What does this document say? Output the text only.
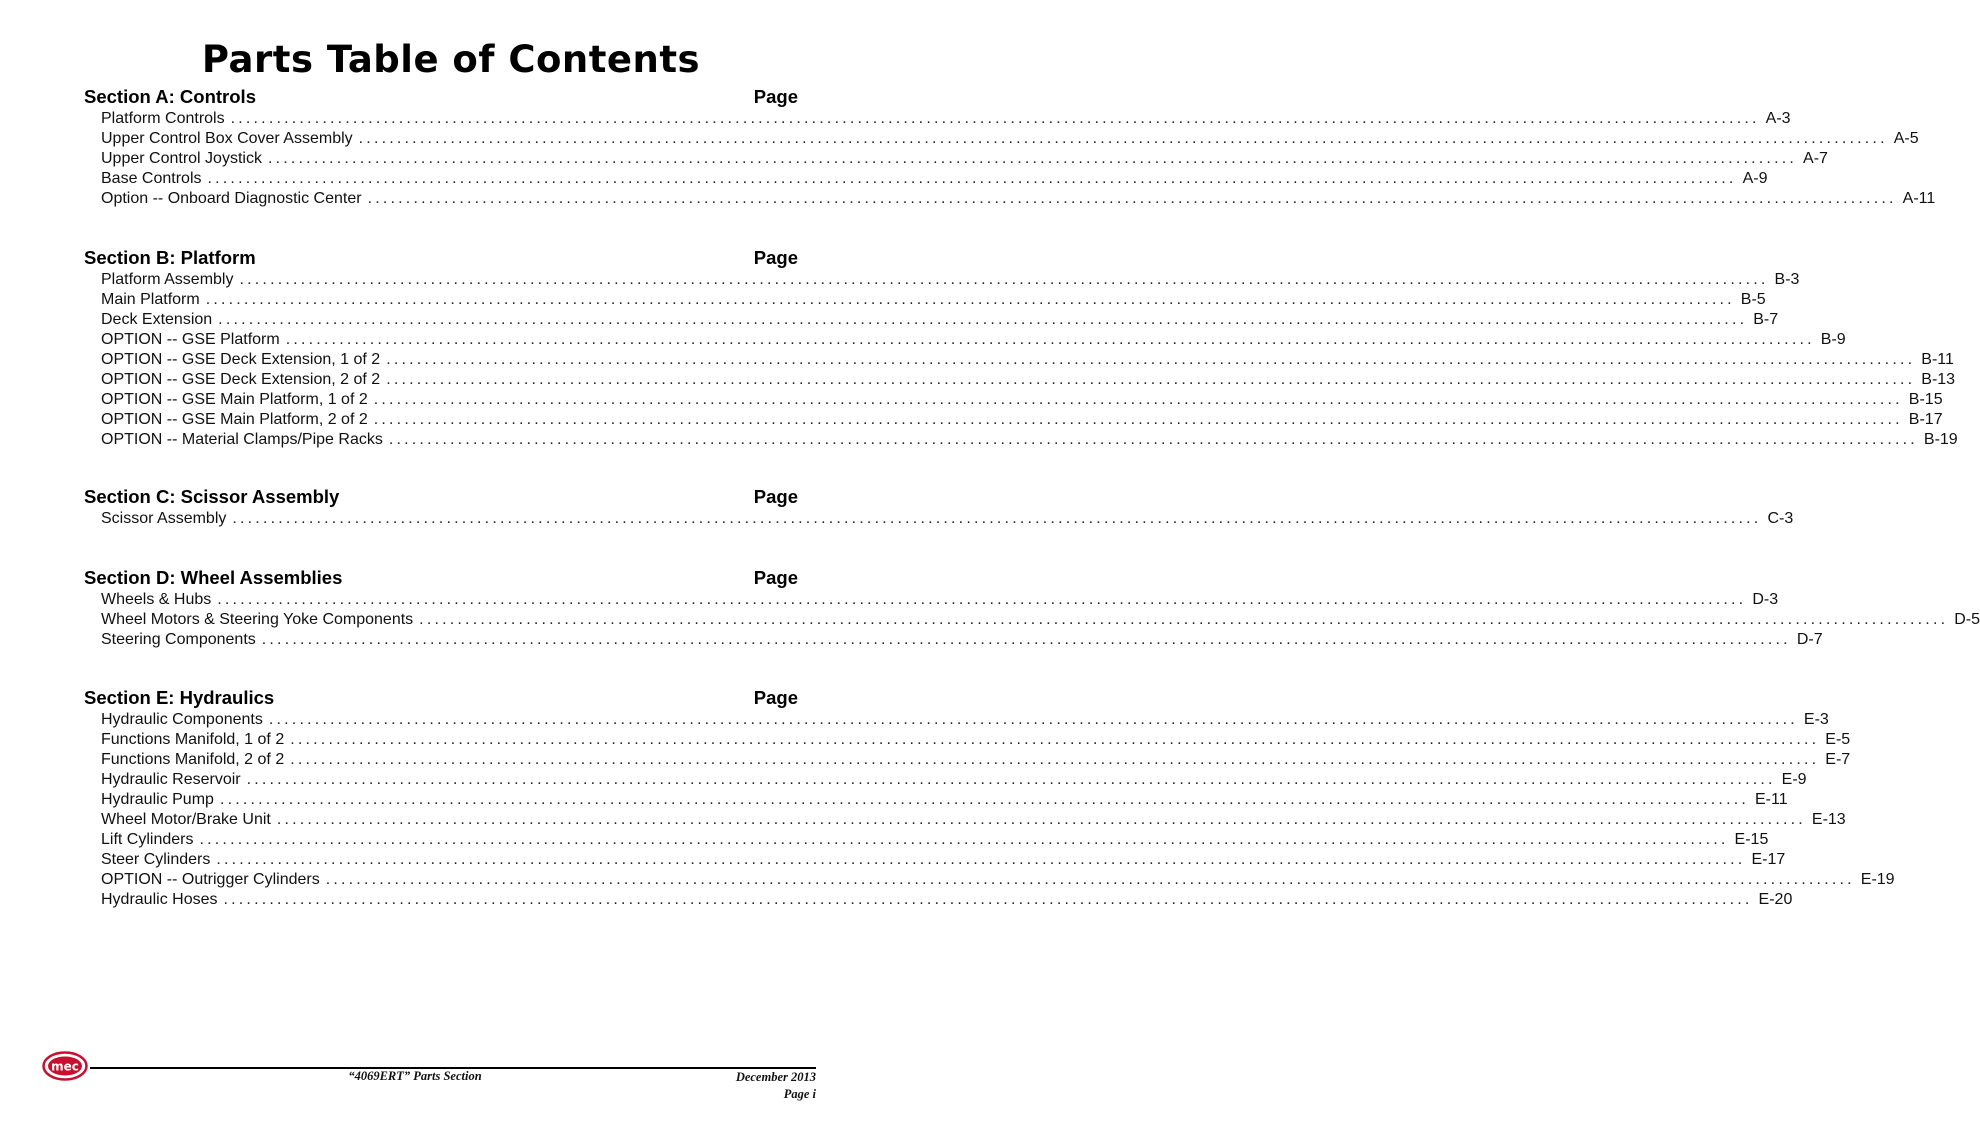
Parts Table of Contents
Section A: Controls	Page
Platform Controls ........................................................................................................................................................................................................ A-3
Upper Control Box Cover Assembly ........................................................................................................................................................................................................ A-5
Upper Control Joystick ........................................................................................................................................................................................................ A-7
Base Controls ........................................................................................................................................................................................................ A-9
Option -- Onboard Diagnostic Center ........................................................................................................................................................................................................ A-11
Section B: Platform	Page
Platform Assembly ........................................................................................................................................................................................................ B-3
Main Platform ........................................................................................................................................................................................................ B-5
Deck Extension ........................................................................................................................................................................................................ B-7
OPTION -- GSE Platform ........................................................................................................................................................................................................ B-9
OPTION -- GSE Deck Extension, 1 of 2 ........................................................................................................................................................................................................ B-11
OPTION -- GSE Deck Extension, 2 of 2 ........................................................................................................................................................................................................ B-13
OPTION -- GSE Main Platform, 1 of 2 ........................................................................................................................................................................................................ B-15
OPTION -- GSE Main Platform, 2 of 2 ........................................................................................................................................................................................................ B-17
OPTION -- Material Clamps/Pipe Racks ........................................................................................................................................................................................................ B-19
Section C: Scissor Assembly	Page
Scissor Assembly ........................................................................................................................................................................................................ C-3
Section D: Wheel Assemblies	Page
Wheels & Hubs ........................................................................................................................................................................................................ D-3
Wheel Motors & Steering Yoke Components ........................................................................................................................................................................................................ D-5
Steering Components ........................................................................................................................................................................................................ D-7
Section E: Hydraulics	Page
Hydraulic Components ........................................................................................................................................................................................................ E-3
Functions Manifold, 1 of 2 ........................................................................................................................................................................................................ E-5
Functions Manifold, 2 of 2 ........................................................................................................................................................................................................ E-7
Hydraulic Reservoir ........................................................................................................................................................................................................ E-9
Hydraulic Pump ........................................................................................................................................................................................................ E-11
Wheel Motor/Brake Unit ........................................................................................................................................................................................................ E-13
Lift Cylinders ........................................................................................................................................................................................................ E-15
Steer Cylinders ........................................................................................................................................................................................................ E-17
OPTION -- Outrigger Cylinders ........................................................................................................................................................................................................ E-19
Hydraulic Hoses ........................................................................................................................................................................................................ E-20
mec
“4069ERT” Parts Section	December 2013
Page i
